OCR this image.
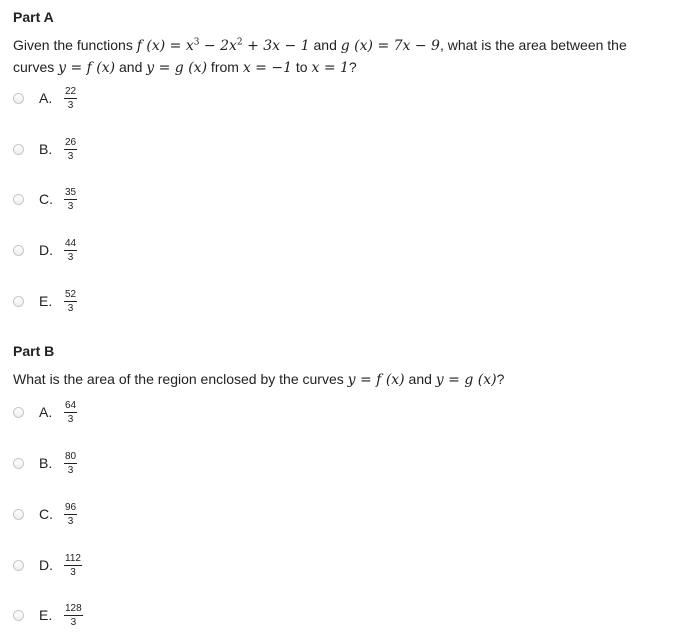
Part A
Given the functions f $(x) = x^3 - 2x^2 + 3x - 1$ and g (x) = 7x − 9, what is the area between the
curves y = f (x) and y = g (x) from x = −1 to x = 1?
A.	$\frac{22}{3}$
B.	$\frac{26}{3}$
C.	$\frac{35}{3}$
D.	$\frac{44}{3}$
E.	$\frac{52}{3}$
Part B
What is the area of the region enclosed by the curves y = f (x) and y = g (x)?
A.	$\frac{64}{3}$
B.	$\frac{80}{3}$
C.	$\frac{96}{3}$
D.	$\frac{112}{3}$
E.	$\frac{128}{3}$
